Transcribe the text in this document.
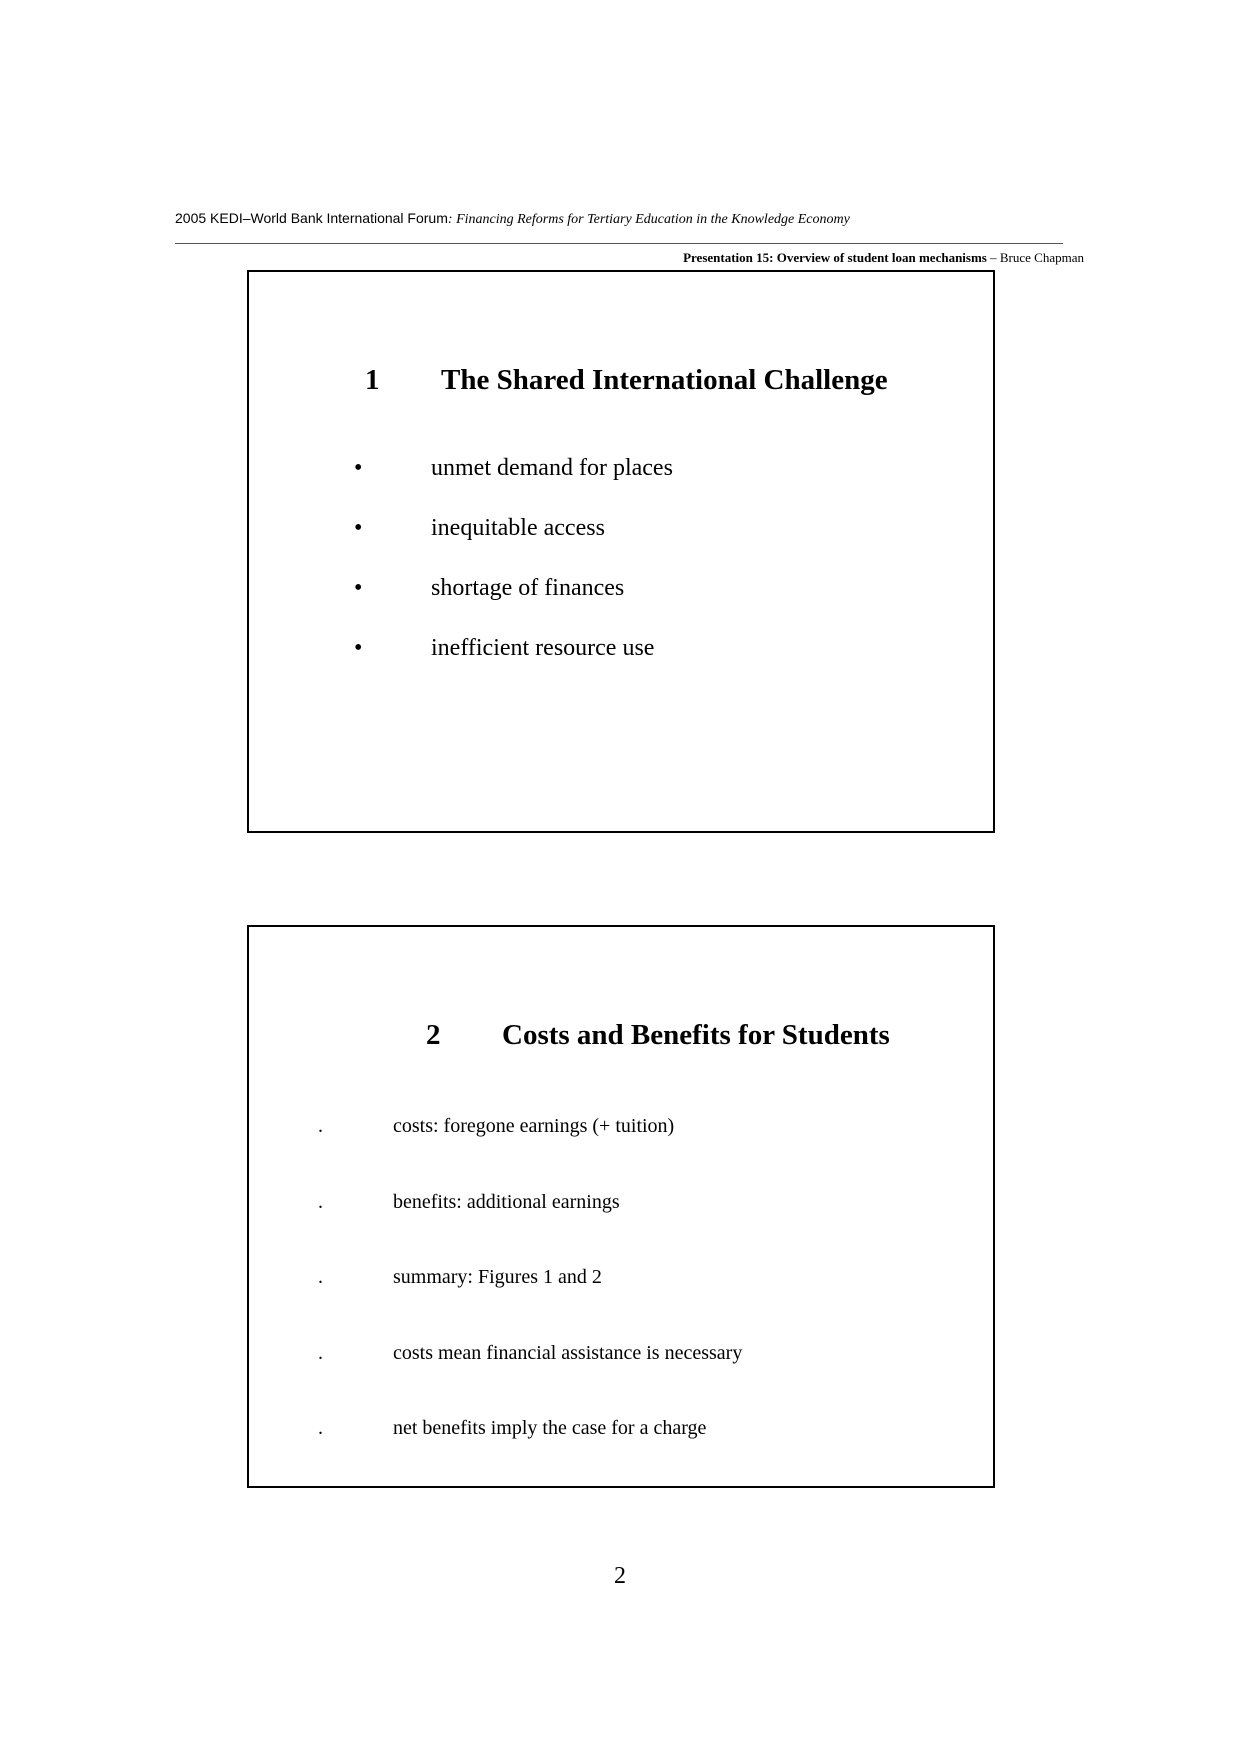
2005 KEDI–World Bank International Forum: Financing Reforms for Tertiary Education in the Knowledge Economy
Presentation 15: Overview of student loan mechanisms – Bruce Chapman
1 The Shared International Challenge
•	unmet demand for places
•	inequitable access
•	shortage of finances
•	inefficient resource use
2 Costs and Benefits for Students
.	costs: foregone earnings (+ tuition)
.	benefits: additional earnings
.	summary: Figures 1 and 2
.	costs mean financial assistance is necessary
.	net benefits imply the case for a charge
2
